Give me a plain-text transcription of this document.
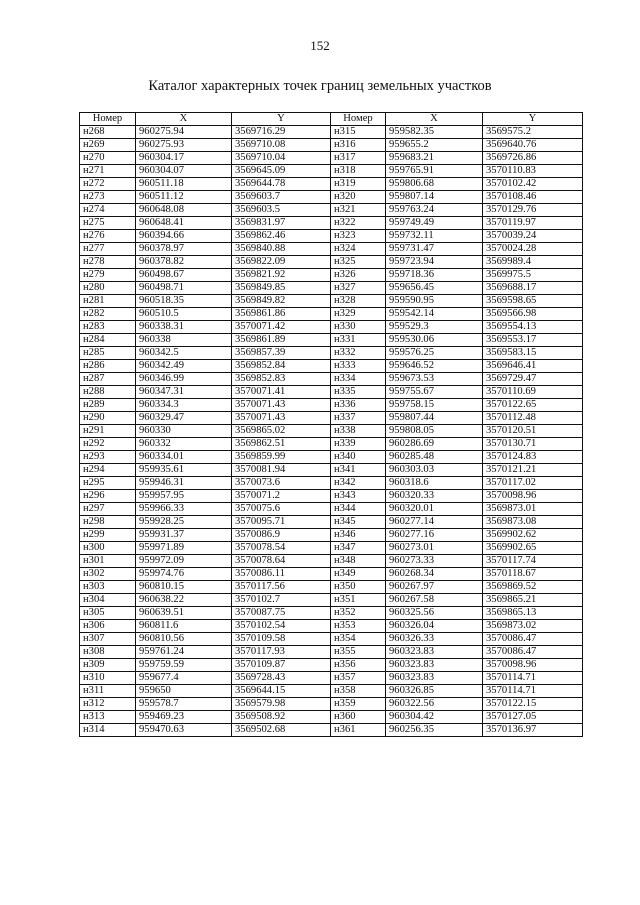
152
Каталог характерных точек границ земельных участков
Номер	X	Y	Номер	X	Y
н268	960275.94	3569716.29	н315	959582.35	3569575.2
н269	960275.93	3569710.08	н316	959655.2	3569640.76
н270	960304.17	3569710.04	н317	959683.21	3569726.86
н271	960304.07	3569645.09	н318	959765.91	3570110.83
н272	960511.18	3569644.78	н319	959806.68	3570102.42
н273	960511.12	3569603.7	н320	959807.14	3570108.46
н274	960648.08	3569603.5	н321	959763.24	3570129.76
н275	960648.41	3569831.97	н322	959749.49	3570119.97
н276	960394.66	3569862.46	н323	959732.11	3570039.24
н277	960378.97	3569840.88	н324	959731.47	3570024.28
н278	960378.82	3569822.09	н325	959723.94	3569989.4
н279	960498.67	3569821.92	н326	959718.36	3569975.5
н280	960498.71	3569849.85	н327	959656.45	3569688.17
н281	960518.35	3569849.82	н328	959590.95	3569598.65
н282	960510.5	3569861.86	н329	959542.14	3569566.98
н283	960338.31	3570071.42	н330	959529.3	3569554.13
н284	960338	3569861.89	н331	959530.06	3569553.17
н285	960342.5	3569857.39	н332	959576.25	3569583.15
н286	960342.49	3569852.84	н333	959646.52	3569646.41
н287	960346.99	3569852.83	н334	959673.53	3569729.47
н288	960347.31	3570071.41	н335	959755.67	3570110.69
н289	960334.3	3570071.43	н336	959758.15	3570122.65
н290	960329.47	3570071.43	н337	959807.44	3570112.48
н291	960330	3569865.02	н338	959808.05	3570120.51
н292	960332	3569862.51	н339	960286.69	3570130.71
н293	960334.01	3569859.99	н340	960285.48	3570124.83
н294	959935.61	3570081.94	н341	960303.03	3570121.21
н295	959946.31	3570073.6	н342	960318.6	3570117.02
н296	959957.95	3570071.2	н343	960320.33	3570098.96
н297	959966.33	3570075.6	н344	960320.01	3569873.01
н298	959928.25	3570095.71	н345	960277.14	3569873.08
н299	959931.37	3570086.9	н346	960277.16	3569902.62
н300	959971.89	3570078.54	н347	960273.01	3569902.65
н301	959972.09	3570078.64	н348	960273.33	3570117.74
н302	959974.76	3570086.11	н349	960268.34	3570118.67
н303	960810.15	3570117.56	н350	960267.97	3569869.52
н304	960638.22	3570102.7	н351	960267.58	3569865.21
н305	960639.51	3570087.75	н352	960325.56	3569865.13
н306	960811.6	3570102.54	н353	960326.04	3569873.02
н307	960810.56	3570109.58	н354	960326.33	3570086.47
н308	959761.24	3570117.93	н355	960323.83	3570086.47
н309	959759.59	3570109.87	н356	960323.83	3570098.96
н310	959677.4	3569728.43	н357	960323.83	3570114.71
н311	959650	3569644.15	н358	960326.85	3570114.71
н312	959578.7	3569579.98	н359	960322.56	3570122.15
н313	959469.23	3569508.92	н360	960304.42	3570127.05
н314	959470.63	3569502.68	н361	960256.35	3570136.97
